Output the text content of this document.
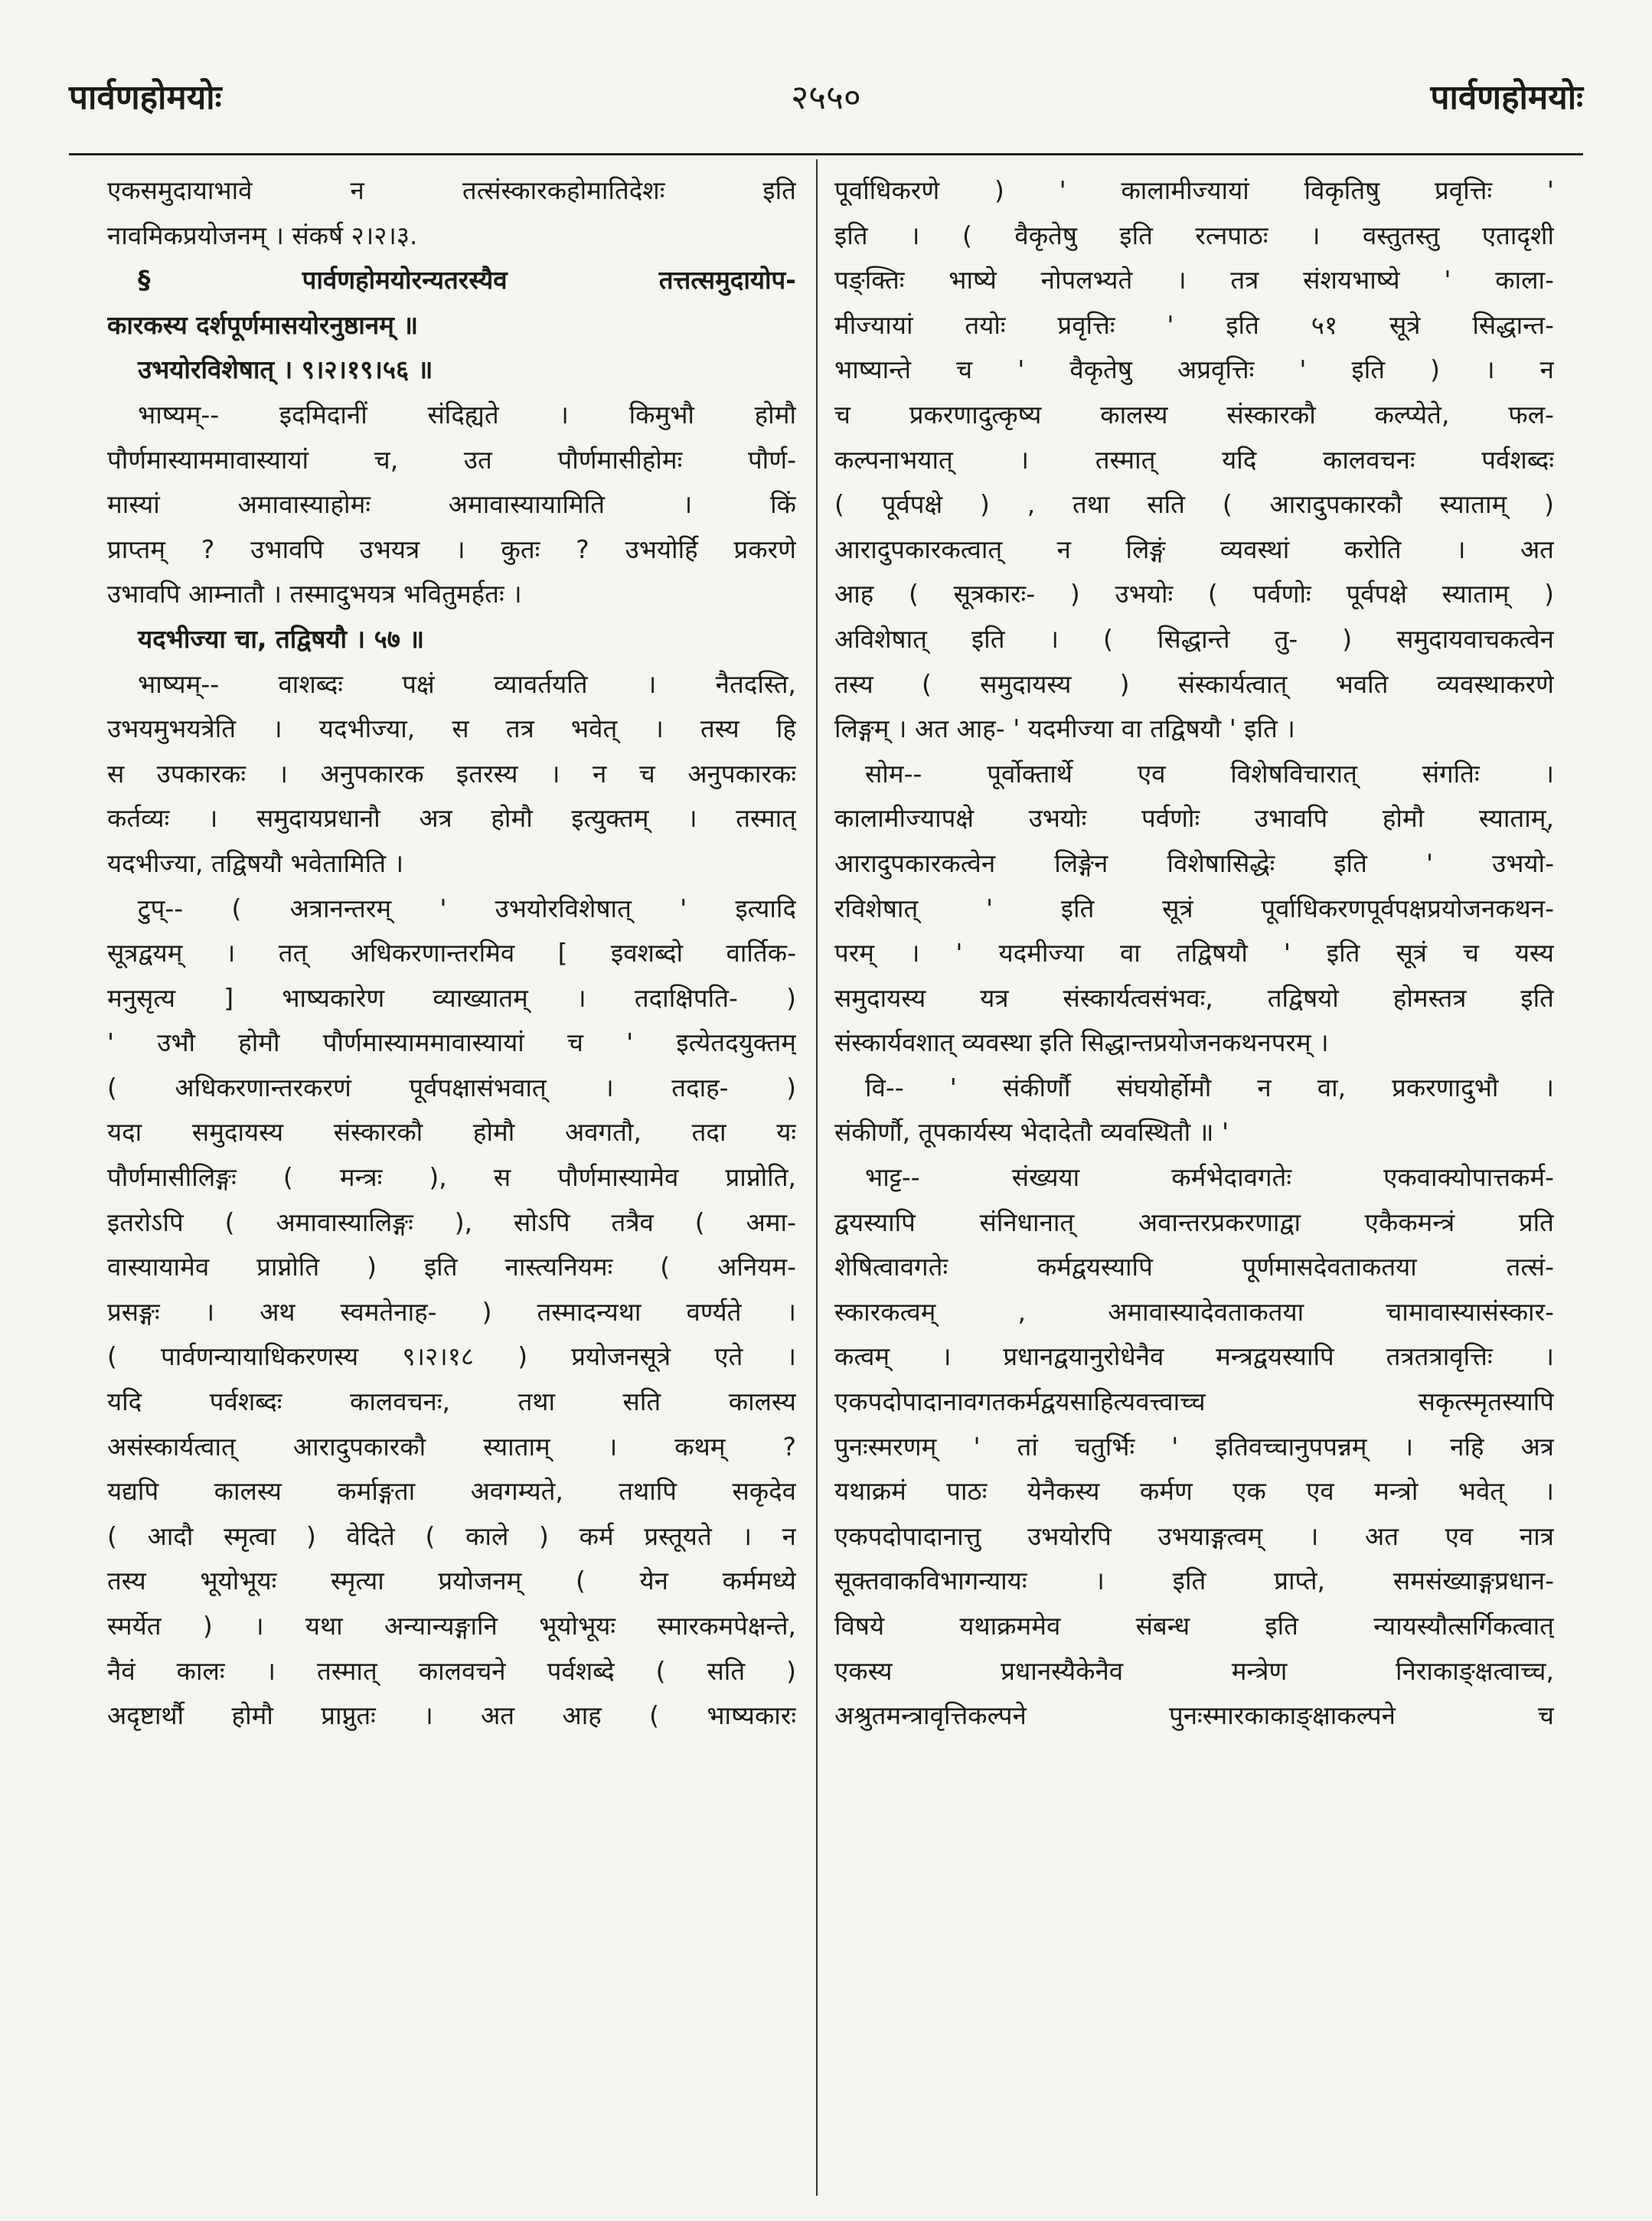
पार्वणहोमयोः	२५५०	पार्वणहोमयोः
एकसमुदायाभावे न तत्संस्कारकहोमातिदेशः इति
नावमिकप्रयोजनम् । संकर्ष २।२।३.
§ पार्वणहोमयोरन्यतरस्यैव तत्तत्समुदायोप-
कारकस्य दर्शपूर्णमासयोरनुष्ठानम् ॥
उभयोरविशेषात् । ९।२।१९।५६ ॥
भाष्यम्-- इदमिदानीं संदिह्यते । किमुभौ होमौ
पौर्णमास्याममावास्यायां च, उत पौर्णमासीहोमः पौर्ण-
मास्यां अमावास्याहोमः अमावास्यायामिति । किं
प्राप्तम् ? उभावपि उभयत्र । कुतः ? उभयोर्हि प्रकरणे
उभावपि आम्नातौ । तस्मादुभयत्र भवितुमर्हतः ।
यदभीज्या चा, तद्विषयौ । ५७ ॥
भाष्यम्-- वाशब्दः पक्षं व्यावर्तयति । नैतदस्ति,
उभयमुभयत्रेति । यदभीज्या, स तत्र भवेत् । तस्य हि
स उपकारकः । अनुपकारक इतरस्य । न च अनुपकारकः
कर्तव्यः । समुदायप्रधानौ अत्र होमौ इत्युक्तम् । तस्मात्
यदभीज्या, तद्विषयौ भवेतामिति ।
टुप्-- ( अत्रानन्तरम् ' उभयोरविशेषात् ' इत्यादि
सूत्रद्वयम् । तत् अधिकरणान्तरमिव [ इवशब्दो वार्तिक-
मनुसृत्य ] भाष्यकारेण व्याख्यातम् । तदाक्षिपति- )
' उभौ होमौ पौर्णमास्याममावास्यायां च ' इत्येतदयुक्तम्
( अधिकरणान्तरकरणं पूर्वपक्षासंभवात् । तदाह- )
यदा समुदायस्य संस्कारकौ होमौ अवगतौ, तदा यः
पौर्णमासीलिङ्गः ( मन्त्रः ), स पौर्णमास्यामेव प्राप्नोति,
इतरोऽपि ( अमावास्यालिङ्गः ), सोऽपि तत्रैव ( अमा-
वास्यायामेव प्राप्नोति ) इति नास्त्यनियमः ( अनियम-
प्रसङ्गः । अथ स्वमतेनाह- ) तस्मादन्यथा वर्ण्यते ।
( पार्वणन्यायाधिकरणस्य ९।२।१८ ) प्रयोजनसूत्रे एते ।
यदि पर्वशब्दः कालवचनः, तथा सति कालस्य
असंस्कार्यत्वात् आरादुपकारकौ स्याताम् । कथम् ?
यद्यपि कालस्य कर्माङ्गता अवगम्यते, तथापि सकृदेव
( आदौ स्मृत्वा ) वेदिते ( काले ) कर्म प्रस्तूयते । न
तस्य भूयोभूयः स्मृत्या प्रयोजनम् ( येन कर्ममध्ये
स्मर्येत ) । यथा अन्यान्यङ्गानि भूयोभूयः स्मारकमपेक्षन्ते,
नैवं कालः । तस्मात् कालवचने पर्वशब्दे ( सति )
अदृष्टार्थौ होमौ प्राप्नुतः । अत आह ( भाष्यकारः
पूर्वाधिकरणे ) ' कालामीज्यायां विकृतिषु प्रवृत्तिः '
इति । ( वैकृतेषु इति रत्नपाठः । वस्तुतस्तु एतादृशी
पङ्क्तिः भाष्ये नोपलभ्यते । तत्र संशयभाष्ये ' काला-
मीज्यायां तयोः प्रवृत्तिः ' इति ५१ सूत्रे सिद्धान्त-
भाष्यान्ते च ' वैकृतेषु अप्रवृत्तिः ' इति ) । न
च प्रकरणादुत्कृष्य कालस्य संस्कारकौ कल्प्येते, फल-
कल्पनाभयात् । तस्मात् यदि कालवचनः पर्वशब्दः
( पूर्वपक्षे ) , तथा सति ( आरादुपकारकौ स्याताम् )
आरादुपकारकत्वात् न लिङ्गं व्यवस्थां करोति । अत
आह ( सूत्रकारः- ) उभयोः ( पर्वणोः पूर्वपक्षे स्याताम् )
अविशेषात् इति । ( सिद्धान्ते तु- ) समुदायवाचकत्वेन
तस्य ( समुदायस्य ) संस्कार्यत्वात् भवति व्यवस्थाकरणे
लिङ्गम् । अत आह- ' यदमीज्या वा तद्विषयौ ' इति ।
सोम-- पूर्वोक्तार्थे एव विशेषविचारात् संगतिः ।
कालामीज्यापक्षे उभयोः पर्वणोः उभावपि होमौ स्याताम्,
आरादुपकारकत्वेन लिङ्गेन विशेषासिद्धेः इति ' उभयो-
रविशेषात् ' इति सूत्रं पूर्वाधिकरणपूर्वपक्षप्रयोजनकथन-
परम् । ' यदमीज्या वा तद्विषयौ ' इति सूत्रं च यस्य
समुदायस्य यत्र संस्कार्यत्वसंभवः, तद्विषयो होमस्तत्र इति
संस्कार्यवशात् व्यवस्था इति सिद्धान्तप्रयोजनकथनपरम् ।
वि-- ' संकीर्णौ संघयोर्होमौ न वा, प्रकरणादुभौ ।
संकीर्णौ, तूपकार्यस्य भेदादेतौ व्यवस्थितौ ॥ '
भाट्ट-- संख्यया कर्मभेदावगतेः एकवाक्योपात्तकर्म-
द्वयस्यापि संनिधानात् अवान्तरप्रकरणाद्वा एकैकमन्त्रं प्रति
शेषित्वावगतेः कर्मद्वयस्यापि पूर्णमासदेवताकतया तत्सं-
स्कारकत्वम् , अमावास्यादेवताकतया चामावास्यासंस्कार-
कत्वम् । प्रधानद्वयानुरोधेनैव मन्त्रद्वयस्यापि तत्रतत्रावृत्तिः ।
एकपदोपादानावगतकर्मद्वयसाहित्यवत्त्वाच्च सकृत्स्मृतस्यापि
पुनःस्मरणम् ' तां चतुर्भिः ' इतिवच्चानुपपन्नम् । नहि अत्र
यथाक्रमं पाठः येनैकस्य कर्मण एक एव मन्त्रो भवेत् ।
एकपदोपादानात्तु उभयोरपि उभयाङ्गत्वम् । अत एव नात्र
सूक्तवाकविभागन्यायः । इति प्राप्ते, समसंख्याङ्गप्रधान-
विषये यथाक्रममेव संबन्ध इति न्यायस्यौत्सर्गिकत्वात्
एकस्य प्रधानस्यैकेनैव मन्त्रेण निराकाङ्क्षत्वाच्च,
अश्रुतमन्त्रावृत्तिकल्पने पुनःस्मारकाकाङ्क्षाकल्पने च
